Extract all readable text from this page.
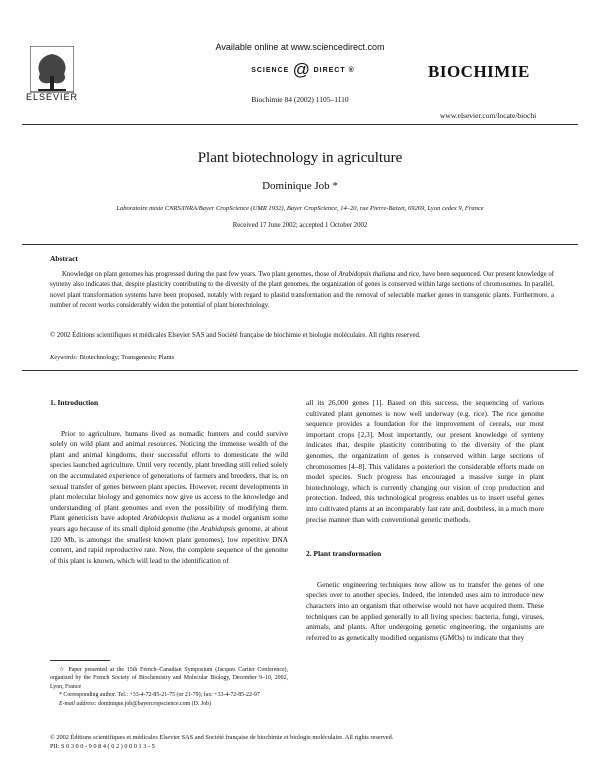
ELSEVIER
Available online at www.sciencedirect.com
SCIENCE @ DIRECT ®
Biochimie 84 (2002) 1105–1110
BIOCHIMIE
www.elsevier.com/locate/biochi
Plant biotechnology in agriculture
Dominique Job *
Laboratoire mixte CNRS/INRA/Bayer CropScience (UMR 1932), Bayer CropScience, 14–20, rue Pierre-Baizet, 69269, Lyon cedex 9, France
Received 17 June 2002; accepted 1 October 2002
Abstract

Knowledge on plant genomes has progressed during the past few years. Two plant genomes, those of Arabidopsis thaliana and rice, have been sequenced. Our present knowledge of synteny also indicates that, despite plasticity contributing to the diversity of the plant genomes, the organization of genes is conserved within large sections of chromosomes. In parallel, novel plant transformation systems have been proposed, notably with regard to plastid transformation and the removal of selectable marker genes in transgenic plants. Furthermore, a number of recent works considerably widen the potential of plant biotechnology.

© 2002 Éditions scientifiques et médicales Elsevier SAS and Société française de biochimie et biologie moléculaire. All rights reserved.
Keywords: Biotechnology; Transgenesis; Plants
1. Introduction

Prior to agriculture, humans lived as nomadic hunters and could survive solely on wild plant and animal resources. Noticing the immense wealth of the plant and animal kingdoms, their successful efforts to domesticate the wild species launched agriculture. Until very recently, plant breeding still relied solely on the accumulated experience of generations of farmers and breeders, that is, on sexual transfer of genes between plant species. However, recent developments in plant molecular biology and genomics now give us access to the knowledge and understanding of plant genomes and even the possibility of modifying them. Plant geneticists have adopted Arabidopsis thaliana as a model organism some years ago because of its small diploid genome (the Arabidopsis genome, at about 120 Mb, is amongst the smallest known plant genomes), low repetitive DNA content, and rapid reproductive rate. Now, the complete sequence of the genome of this plant is known, which will lead to the identification of

☆ Paper presented at the 15th French–Canadian Symposium (Jacques Cartier Conference), organized by the French Society of Biochemistry and Molecular Biology, December 9–10, 2002, Lyon, France

* Corresponding author. Tel.: +33-4-72-85-21-75 (or 21-79); fax: +33-4-72-85-22-97

E-mail address: dominique.job@bayercropscience.com (D. Job)

all its 26,000 genes [1]. Based on this success, the sequencing of various cultivated plant genomes is now well underway (e.g. rice). The rice genome sequence provides a foundation for the improvement of cereals, our most important crops [2,3]. Most importantly, our present knowledge of synteny indicates that, despite plasticity contributing to the diversity of the plant genomes, the organization of genes is conserved within large sections of chromosomes [4–8]. This validates a posteriori the considerable efforts made on model species. Such progress has encouraged a massive surge in plant biotechnology, which is currently changing our vision of crop production and protection. Indeed, this technological progress enables us to insert useful genes into cultivated plants at an incomparably fast rate and, doubtless, in a much more precise manner than with conventional genetic methods.

2. Plant transformation

Genetic engineering techniques now allow us to transfer the genes of one species over to another species. Indeed, the intended uses aim to introduce new characters into an organism that otherwise would not have acquired them. These techniques can be applied generally to all living species: bacteria, fungi, viruses, animals, and plants. After undergoing genetic engineering, the organisms are referred to as genetically modified organisms (GMOs) to indicate that they

© 2002 Éditions scientifiques et médicales Elsevier SAS and Société française de biochimie et biologie moléculaire. All rights reserved.
PII: S 0 3 0 0 - 9 0 8 4 ( 0 2 ) 0 0 0 1 3 - 5
